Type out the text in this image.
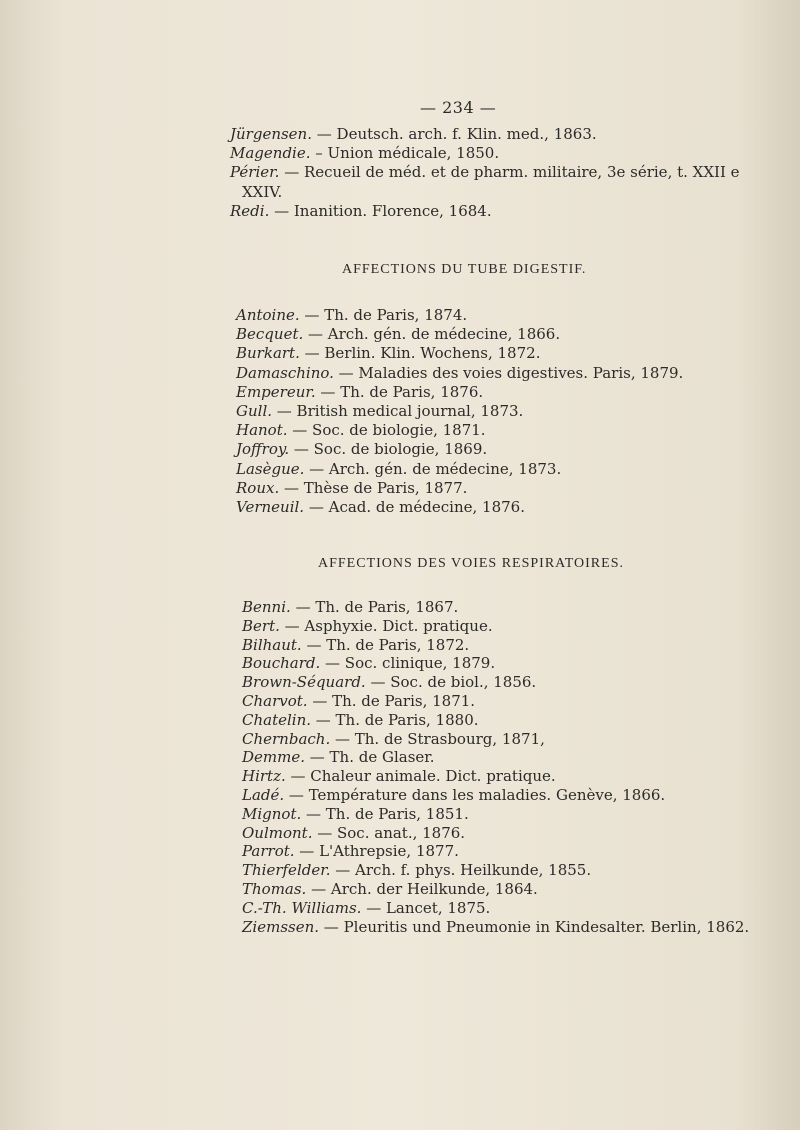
— 234 —
Jürgensen. — Deutsch. arch. f. Klin. med., 1863.
Magendie. – Union médicale, 1850.
Périer. — Recueil de méd. et de pharm. militaire, 3e série, t. XXII e
XXIV.
Redi. — Inanition. Florence, 1684.
AFFECTIONS DU TUBE DIGESTIF.
Antoine. — Th. de Paris, 1874.
Becquet. — Arch. gén. de médecine, 1866.
Burkart. — Berlin. Klin. Wochens, 1872.
Damaschino. — Maladies des voies digestives. Paris, 1879.
Empereur. — Th. de Paris, 1876.
Gull. — British medical journal, 1873.
Hanot. — Soc. de biologie, 1871.
Joffroy. — Soc. de biologie, 1869.
Lasègue. — Arch. gén. de médecine, 1873.
Roux. — Thèse de Paris, 1877.
Verneuil. — Acad. de médecine, 1876.
AFFECTIONS DES VOIES RESPIRATOIRES.
Benni. — Th. de Paris, 1867.
Bert. — Asphyxie. Dict. pratique.
Bilhaut. — Th. de Paris, 1872.
Bouchard. — Soc. clinique, 1879.
Brown-Séquard. — Soc. de biol., 1856.
Charvot. — Th. de Paris, 1871.
Chatelin. — Th. de Paris, 1880.
Chernbach. — Th. de Strasbourg, 1871,
Demme. — Th. de Glaser.
Hirtz. — Chaleur animale. Dict. pratique.
Ladé. — Température dans les maladies. Genève, 1866.
Mignot. — Th. de Paris, 1851.
Oulmont. — Soc. anat., 1876.
Parrot. — L'Athrepsie, 1877.
Thierfelder. — Arch. f. phys. Heilkunde, 1855.
Thomas. — Arch. der Heilkunde, 1864.
C.-Th. Williams. — Lancet, 1875.
Ziemssen. — Pleuritis und Pneumonie in Kindesalter. Berlin, 1862.
